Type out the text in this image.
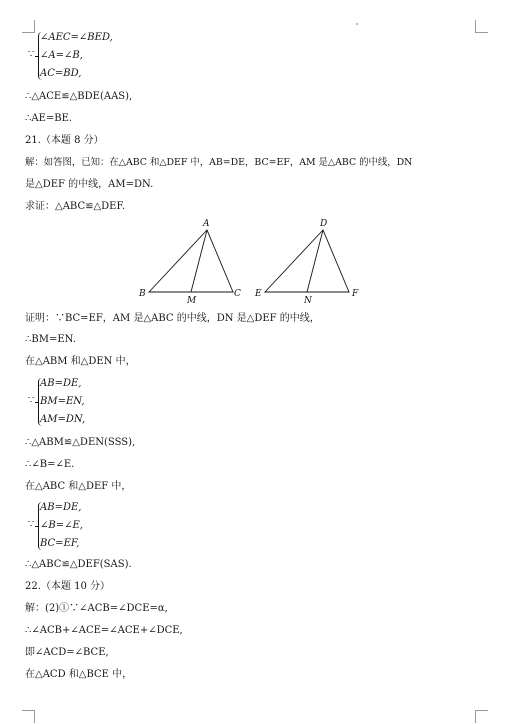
∵
∠AEC=∠BED,
∠A=∠B,
AC=BD,
∴△ACE≌△BDE(AAS),
∴AE=BE.
21.（本题 8 分）
解：如答图，已知：在△ABC 和△DEF 中，AB=DE，BC=EF，AM 是△ABC 的中线，DN
是△DEF 的中线，AM=DN.
求证：△ABC≌△DEF.
A
B
M
C
D
E
N
F
证明：∵BC=EF，AM 是△ABC 的中线，DN 是△DEF 的中线，
∴BM=EN.
在△ABM 和△DEN 中，
∵
AB=DE,
BM=EN,
AM=DN,
∴△ABM≌△DEN(SSS),
∴∠B=∠E.
在△ABC 和△DEF 中，
∵
AB=DE,
∠B=∠E,
BC=EF,
∴△ABC≌△DEF(SAS).
22.（本题 10 分）
解：(2)①∵∠ACB=∠DCE=α,
∴∠ACB+∠ACE=∠ACE+∠DCE,
即∠ACD=∠BCE,
在△ACD 和△BCE 中，
